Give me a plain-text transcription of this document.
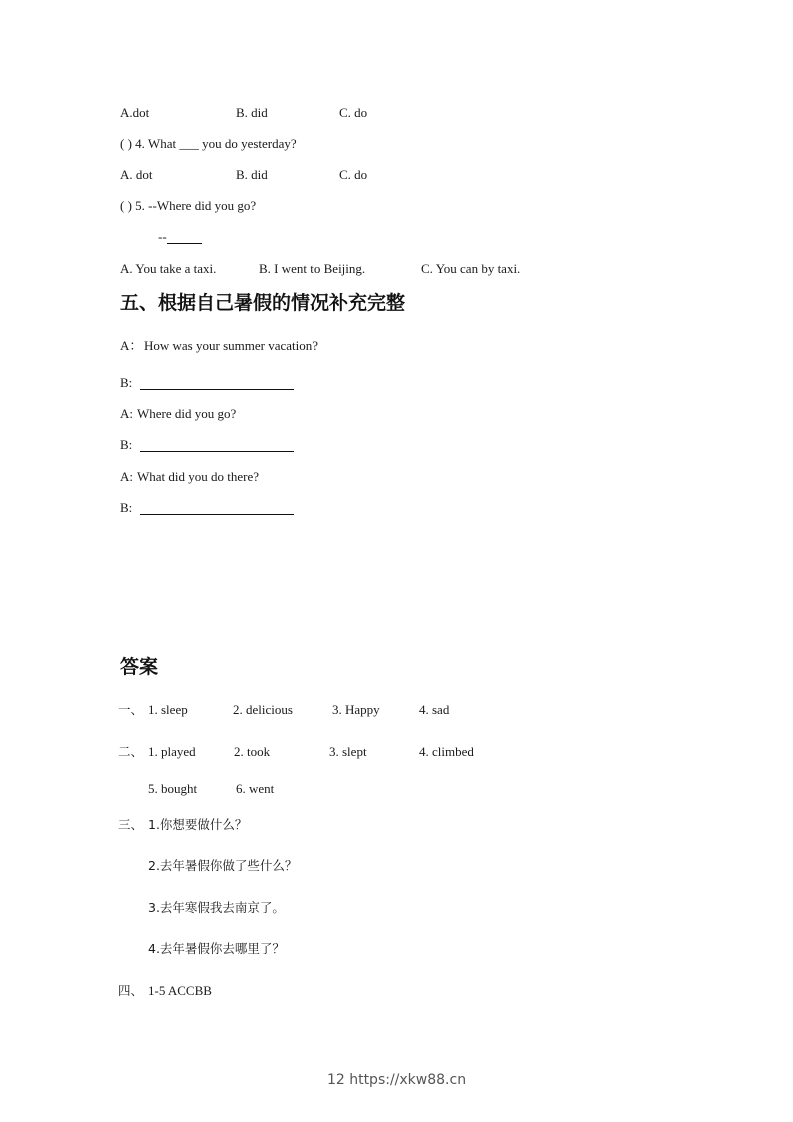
A.dot	B. did	C. do
( ) 4. What ___ you do yesterday?
A. dot	B. did	C. do
( ) 5. --Where did you go?
--
A. You take a taxi.	B. I went to Beijing.	C. You can by taxi.
五、根据自己暑假的情况补充完整
A： How was your summer vacation?
B:
A: Where did you go?
B:
A: What did you do there?
B:
答案
一、 1. sleep	2. delicious	3. Happy	4. sad
二、 1. played	2. took	3. slept	4. climbed
5. bought	6. went
三、 1.你想要做什么？
2.去年暑假你做了些什么？
3.去年寒假我去南京了。
4.去年暑假你去哪里了？
四、 1-5 ACCBB
12 https://xkw88.cn
